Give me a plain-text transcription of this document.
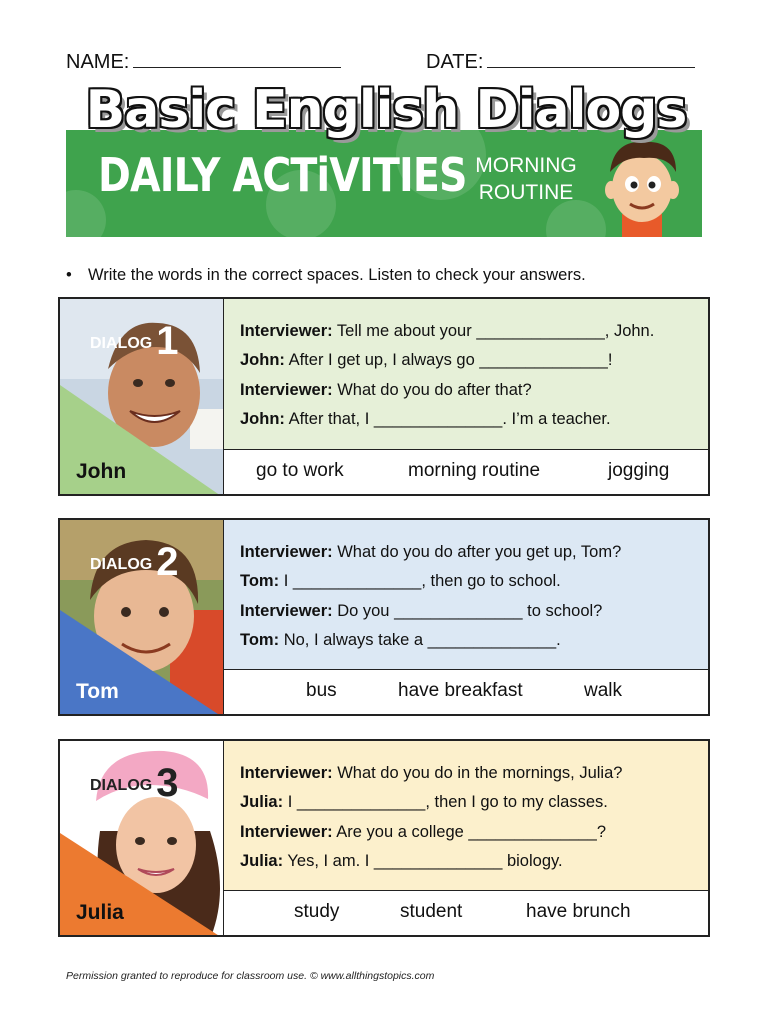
NAME:	DATE:
Basic English Dialogs
DAILY ACTiVITIES MORNING
ROUTINE
• Write the words in the correct spaces. Listen to check your answers.
DIALOG 1
John
Interviewer: Tell me about your ______________, John.
John: After I get up, I always go ______________!
Interviewer: What do you do after that?
John: After that, I ______________. I’m a teacher.
go to work	morning routine	jogging
DIALOG 2
Tom
Interviewer: What do you do after you get up, Tom?
Tom: I ______________, then go to school.
Interviewer: Do you ______________ to school?
Tom: No, I always take a ______________.
bus	have breakfast	walk
DIALOG 3
Julia
Interviewer: What do you do in the mornings, Julia?
Julia: I ______________, then I go to my classes.
Interviewer: Are you a college ______________?
Julia: Yes, I am. I ______________ biology.
study	student	have brunch
Permission granted to reproduce for classroom use. © www.allthingstopics.com
